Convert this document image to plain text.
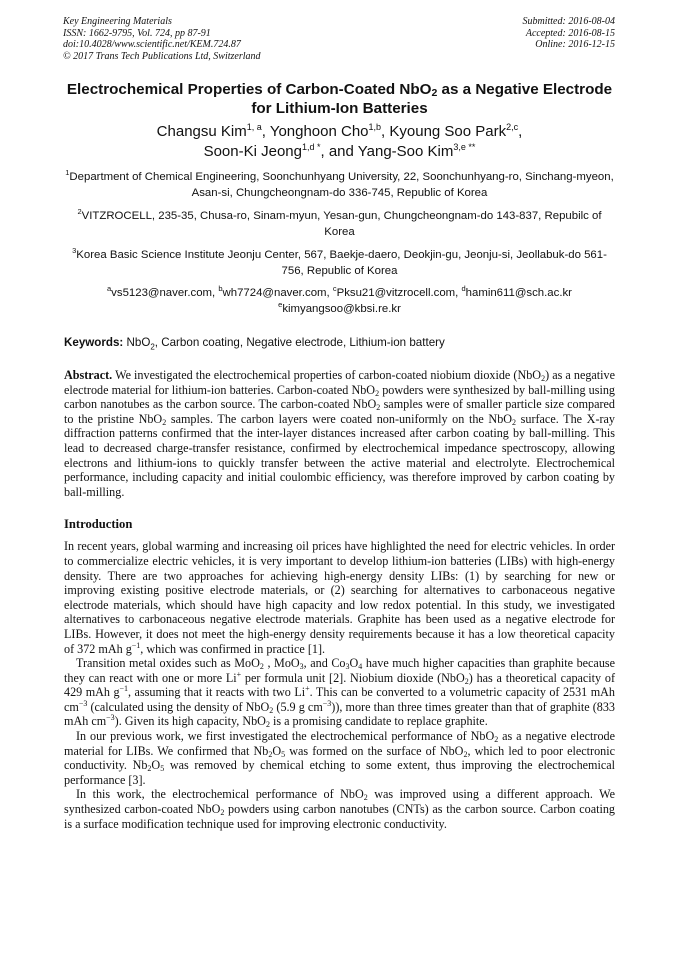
Key Engineering Materials
ISSN: 1662-9795, Vol. 724, pp 87-91
doi:10.4028/www.scientific.net/KEM.724.87
© 2017 Trans Tech Publications Ltd, Switzerland
Submitted: 2016-08-04
Accepted: 2016-08-15
Online: 2016-12-15
Electrochemical Properties of Carbon-Coated NbO$_2$ as a Negative Electrode for Lithium-Ion Batteries
Changsu Kim$^{1, a}$, Yonghoon Cho$^{1,b}$, Kyoung Soo Park$^{2,c}$,
Soon-Ki Jeong$^{1,d *}$, and Yang-Soo Kim$^{3,e **}$
$^1$Department of Chemical Engineering, Soonchunhyang University, 22, Soonchunhyang-ro, Sinchang-myeon, Asan-si, Chungcheongnam-do 336-745, Republic of Korea
$^2$VITZROCELL, 235-35, Chusa-ro, Sinam-myun, Yesan-gun, Chungcheongnam-do 143-837, Repubilc of Korea
$^3$Korea Basic Science Institute Jeonju Center, 567, Baekje-daero, Deokjin-gu, Jeonju-si, Jeollabuk-do 561-756, Republic of Korea
$^a$vs5123@naver.com, $^b$wh7724@naver.com, $^c$Pksu21@vitzrocell.com, $^d$hamin611@sch.ac.kr
$^e$kimyangsoo@kbsi.re.kr
Keywords: NbO$_2$, Carbon coating, Negative electrode, Lithium-ion battery
Abstract. We investigated the electrochemical properties of carbon-coated niobium dioxide (NbO$_2$) as a negative electrode material for lithium-ion batteries. Carbon-coated NbO$_2$ powders were synthesized by ball-milling using carbon nanotubes as the carbon source. The carbon-coated NbO$_2$ samples were of smaller particle size compared to the pristine NbO$_2$ samples. The carbon layers were coated non-uniformly on the NbO$_2$ surface. The X-ray diffraction patterns confirmed that the inter-layer distances increased after carbon coating by ball-milling. This lead to decreased charge-transfer resistance, confirmed by electrochemical impedance spectroscopy, allowing electrons and lithium-ions to quickly transfer between the active material and electrolyte. Electrochemical performance, including capacity and initial coulombic efficiency, was therefore improved by carbon coating by ball-milling.
Introduction
In recent years, global warming and increasing oil prices have highlighted the need for electric vehicles. In order to commercialize electric vehicles, it is very important to develop lithium-ion batteries (LIBs) with high-energy density. There are two approaches for achieving high-energy density LIBs: (1) by searching for new or improving existing positive electrode materials, or (2) searching for alternatives to carbonaceous negative electrode materials, which should have high capacity and low redox potential. In this study, we investigated alternatives to carbonaceous negative electrode materials. Graphite has been used as a negative electrode for LIBs. However, it does not meet the high-energy density requirements because it has a low theoretical capacity of 372 mAh $g^{-1}$, which was confirmed in practice [1].
Transition metal oxides such as MoO$_2$ , MoO$_3$, and $Co_3O_4$ have much higher capacities than graphite because they can react with one or more Li+ per formula unit [2]. Niobium dioxide (NbO$_2$) has a theoretical capacity of 429 mAh $g^{-1}$, assuming that it reacts with two Li+. This can be converted to a volumetric capacity of 2531 mAh $cm^{-3}$ (calculated using the density of NbO$_2$ (5.9 g $cm^{-3}$)), more than three times greater than that of graphite (833 mAh $cm^{-3}$). Given its high capacity, NbO$_2$ is a promising candidate to replace graphite.
In our previous work, we first investigated the electrochemical performance of NbO$_2$ as a negative electrode material for LIBs. We confirmed that $Nb_2O_5$ was formed on the surface of NbO$_2$, which led to poor electronic conductivity. $Nb_2O_5$ was removed by chemical etching to some extent, thus improving the electrochemical performance [3].
In this work, the electrochemical performance of NbO$_2$ was improved using a different approach. We synthesized carbon-coated NbO$_2$ powders using carbon nanotubes (CNTs) as the carbon source. Carbon coating is a surface modification technique used for improving electronic conductivity.
